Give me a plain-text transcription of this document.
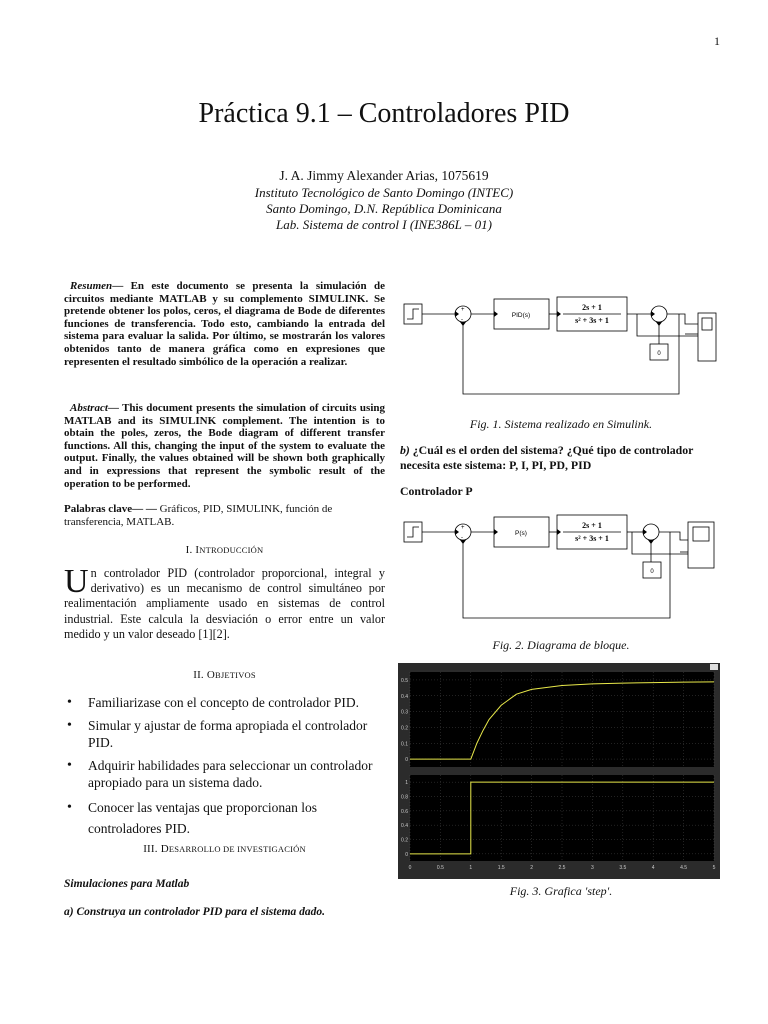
1
Práctica 9.1 – Controladores PID
J. A. Jimmy Alexander Arias, 1075619
Instituto Tecnológico de Santo Domingo (INTEC)
Santo Domingo, D.N. República Dominicana
Lab. Sistema de control I (INE386L – 01)
Resumen— En este documento se presenta la simulación de circuitos mediante MATLAB y su complemento SIMULINK. Se pretende obtener los polos, ceros, el diagrama de Bode de diferentes funciones de transferencia. Todo esto, cambiando la entrada del sistema para evaluar la salida. Por último, se mostrarán los valores obtenidos tanto de manera gráfica como en expresiones que representen el resultado simbólico de la operación a realizar.
Abstract— This document presents the simulation of circuits using MATLAB and its SIMULINK complement. The intention is to obtain the poles, zeros, the Bode diagram of different transfer functions. All this, changing the input of the system to evaluate the output. Finally, the values obtained will be shown both graphically and in expressions that represent the symbolic result of the operation to be performed.
Palabras clave— — Gráficos, PID, SIMULINK, función de transferencia, MATLAB.
I. INTRODUCCIÓN
Un controlador PID (controlador proporcional, integral y derivativo) es un mecanismo de control simultáneo por realimentación ampliamente usado en sistemas de control industrial. Este calcula la desviación o error entre un valor medido y un valor deseado [1][2].
II. OBJETIVOS
• Familiarizase con el concepto de controlador PID.
• Simular y ajustar de forma apropiada el controlador PID.
• Adquirir habilidades para seleccionar un controlador apropiado para un sistema dado.
• Conocer las ventajas que proporcionan los controladores PID.
III. DESARROLLO DE INVESTIGACIÓN
Simulaciones para Matlab
a) Construya un controlador PID para el sistema dado.
+
-
PID(s)
2s + 1
s² + 3s + 1
0
Fig. 1. Sistema realizado en Simulink.
b) ¿Cuál es el orden del sistema? ¿Qué tipo de controlador necesita este sistema: P, I, PI, PD, PID
Controlador P
+
-
P(s)
2s + 1
s² + 3s + 1
0
Fig. 2. Diagrama de bloque.
0
0.1
0.2
0.3
0.4
0.5
0
0.2
0.4
0.6
0.8
1
0	0.5	1	1.5	2	2.5	3	3.5	4	4.5	5
Fig. 3. Grafica 'step'.
